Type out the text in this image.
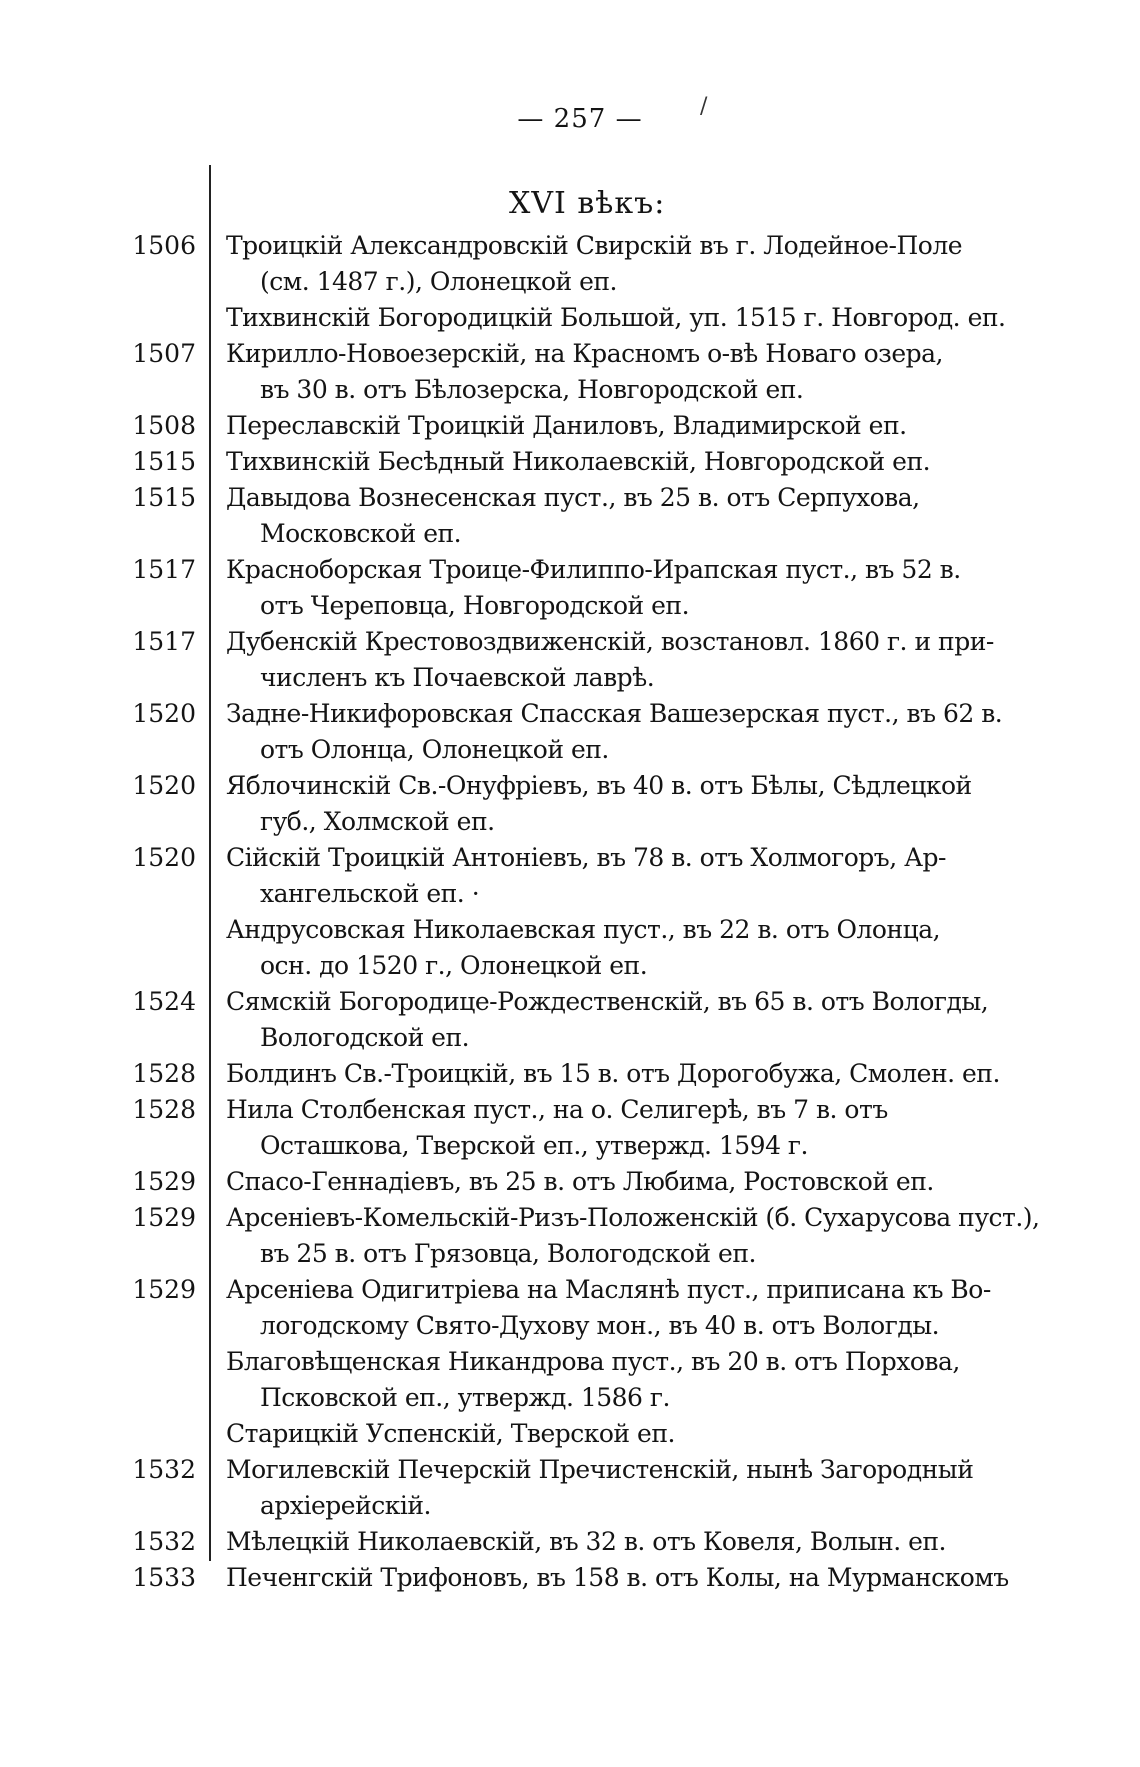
— 257 —	/
XVI вѣкъ:
1506 Троицкій Александровскій Свирскій въ г. Лодейное-Поле
(см. 1487 г.), Олонецкой еп.
Тихвинскій Богородицкій Большой, уп. 1515 г. Новгород. еп.
1507 Кирилло-Новоезерскій, на Красномъ о-вѣ Новаго озера,
въ 30 в. отъ Бѣлозерска, Новгородской еп.
1508 Переславскій Троицкій Даниловъ, Владимирской еп.
1515 Тихвинскій Бесѣдный Николаевскій, Новгородской еп.
1515 Давыдова Вознесенская пуст., въ 25 в. отъ Серпухова,
Московской еп.
1517 Красноборская Троице-Филиппо-Ирапская пуст., въ 52 в.
отъ Череповца, Новгородской еп.
1517 Дубенскій Крестовоздвиженскій, возстановл. 1860 г. и при-
численъ къ Почаевской лаврѣ.
1520 Задне-Никифоровская Спасская Вашезерская пуст., въ 62 в.
отъ Олонца, Олонецкой еп.
1520 Яблочинскій Св.-Онуфріевъ, въ 40 в. отъ Бѣлы, Сѣдлецкой
губ., Холмской еп.
1520 Сійскій Троицкій Антоніевъ, въ 78 в. отъ Холмогоръ, Ар-
хангельской еп. ·
Андрусовская Николаевская пуст., въ 22 в. отъ Олонца,
осн. до 1520 г., Олонецкой еп.
1524 Сямскій Богородице-Рождественскій, въ 65 в. отъ Вологды,
Вологодской еп.
1528 Болдинъ Св.-Троицкій, въ 15 в. отъ Дорогобужа, Смолен. еп.
1528 Нила Столбенская пуст., на о. Селигерѣ, въ 7 в. отъ
Осташкова, Тверской еп., утвержд. 1594 г.
1529 Спасо-Геннадіевъ, въ 25 в. отъ Любима, Ростовской еп.
1529 Арсеніевъ-Комельскій-Ризъ-Положенскій (б. Сухарусова пуст.),
въ 25 в. отъ Грязовца, Вологодской еп.
1529 Арсеніева Одигитріева на Маслянѣ пуст., приписана къ Во-
логодскому Свято-Духову мон., въ 40 в. отъ Вологды.
Благовѣщенская Никандрова пуст., въ 20 в. отъ Порхова,
Псковской еп., утвержд. 1586 г.
Старицкій Успенскій, Тверской еп.
1532 Могилевскій Печерскій Пречистенскій, нынѣ Загородный
архіерейскій.
1532 Мѣлецкій Николаевскій, въ 32 в. отъ Ковеля, Волын. еп.
1533 Печенгскій Трифоновъ, въ 158 в. отъ Колы, на Мурманскомъ
